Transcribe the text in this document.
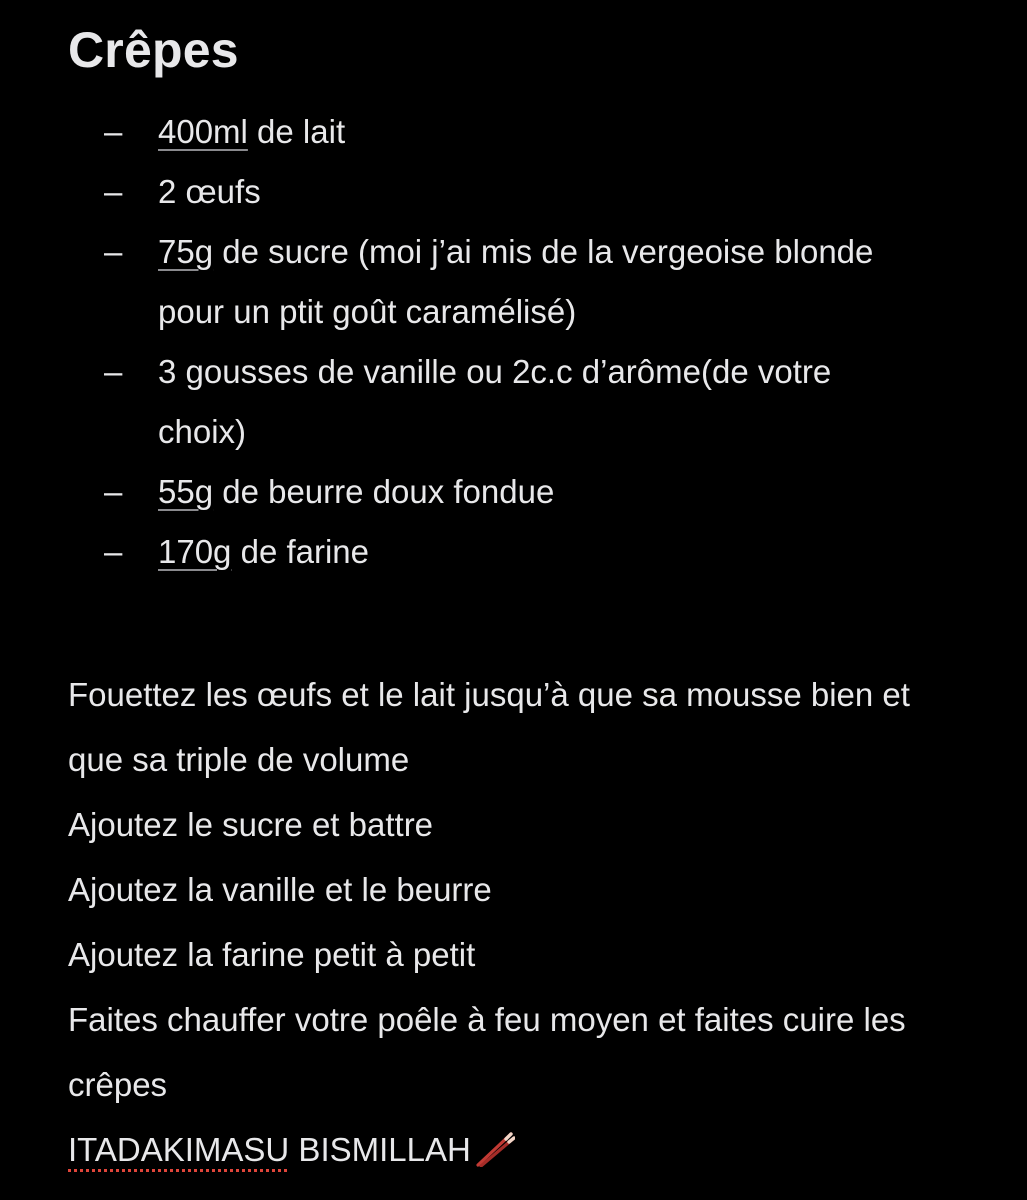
Crêpes
– 400ml de lait
– 2 œufs
– 75g de sucre (moi j’ai mis de la vergeoise blonde pour un ptit goût caramélisé)
– 3 gousses de vanille ou 2c.c d’arôme(de votre choix)
– 55g de beurre doux fondue
– 170g de farine

Fouettez les œufs et le lait jusqu’à que sa mousse bien et que sa triple de volume

Ajoutez le sucre et battre

Ajoutez la vanille et le beurre

Ajoutez la farine petit à petit

Faites chauffer votre poêle à feu moyen et faites cuire les crêpes

ITADAKIMASU BISMILLAH
